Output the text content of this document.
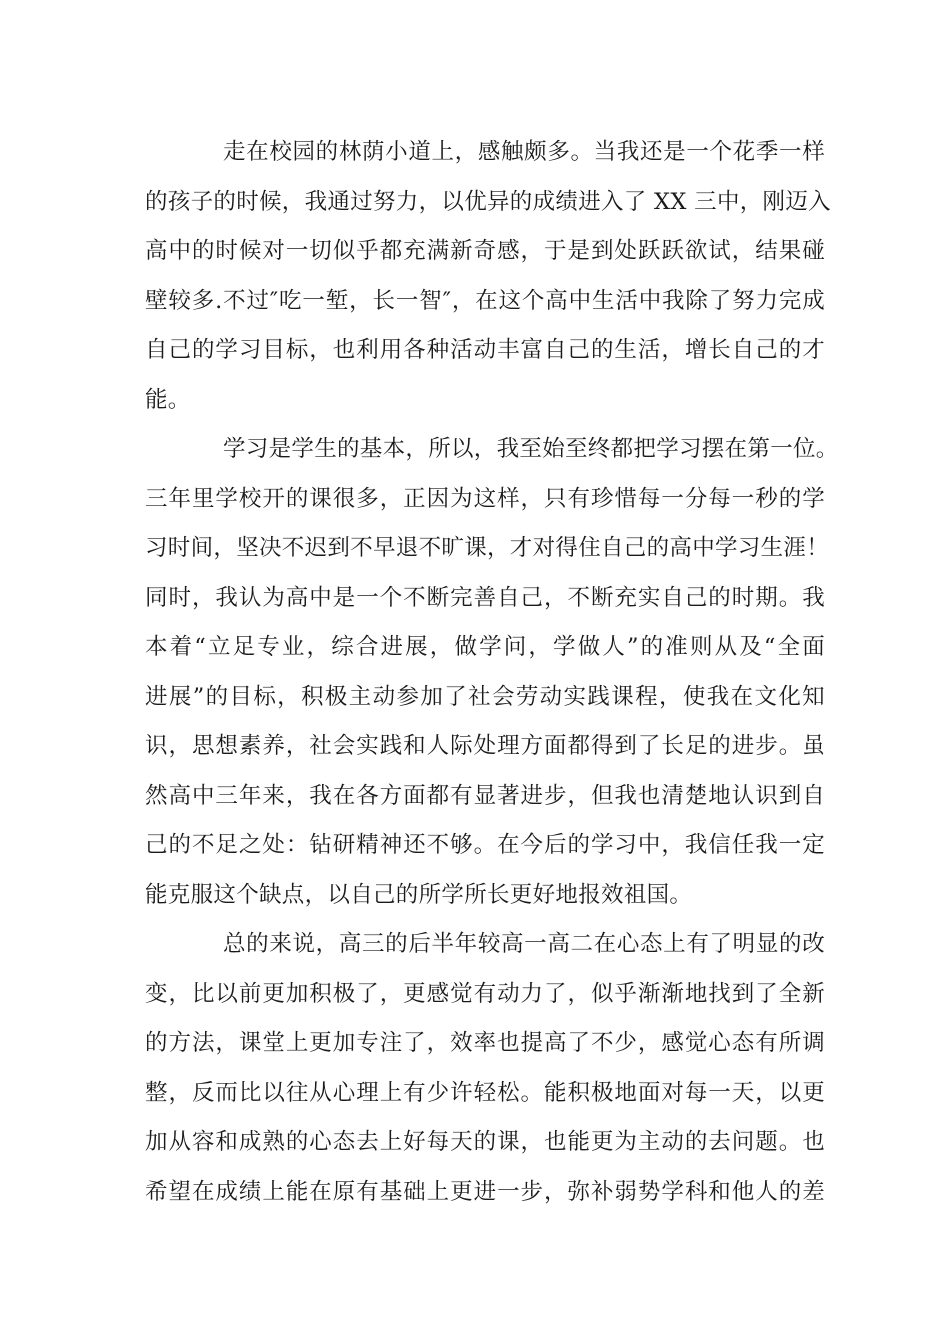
走在校园的林荫小道上，感触颇多。当我还是一个花季一样
的孩子的时候，我通过努力，以优异的成绩进入了 XX 三中，刚迈入
高中的时候对一切似乎都充满新奇感，于是到处跃跃欲试，结果碰
壁较多.不过″吃一堑，长一智″，在这个高中生活中我除了努力完成
自己的学习目标，也利用各种活动丰富自己的生活，增长自己的才
能。
学习是学生的基本，所以，我至始至终都把学习摆在第一位。
三年里学校开的课很多，正因为这样，只有珍惜每一分每一秒的学
习时间，坚决不迟到不早退不旷课，才对得住自己的高中学习生涯！
同时，我认为高中是一个不断完善自己，不断充实自己的时期。我
本着“立足专业，综合进展，做学问，学做人”的准则从及“全面
进展”的目标，积极主动参加了社会劳动实践课程，使我在文化知
识，思想素养，社会实践和人际处理方面都得到了长足的进步。虽
然高中三年来，我在各方面都有显著进步，但我也清楚地认识到自
己的不足之处：钻研精神还不够。在今后的学习中，我信任我一定
能克服这个缺点，以自己的所学所长更好地报效祖国。
总的来说，高三的后半年较高一高二在心态上有了明显的改
变，比以前更加积极了，更感觉有动力了，似乎渐渐地找到了全新
的方法，课堂上更加专注了，效率也提高了不少，感觉心态有所调
整，反而比以往从心理上有少许轻松。能积极地面对每一天，以更
加从容和成熟的心态去上好每天的课，也能更为主动的去问题。也
希望在成绩上能在原有基础上更进一步，弥补弱势学科和他人的差
